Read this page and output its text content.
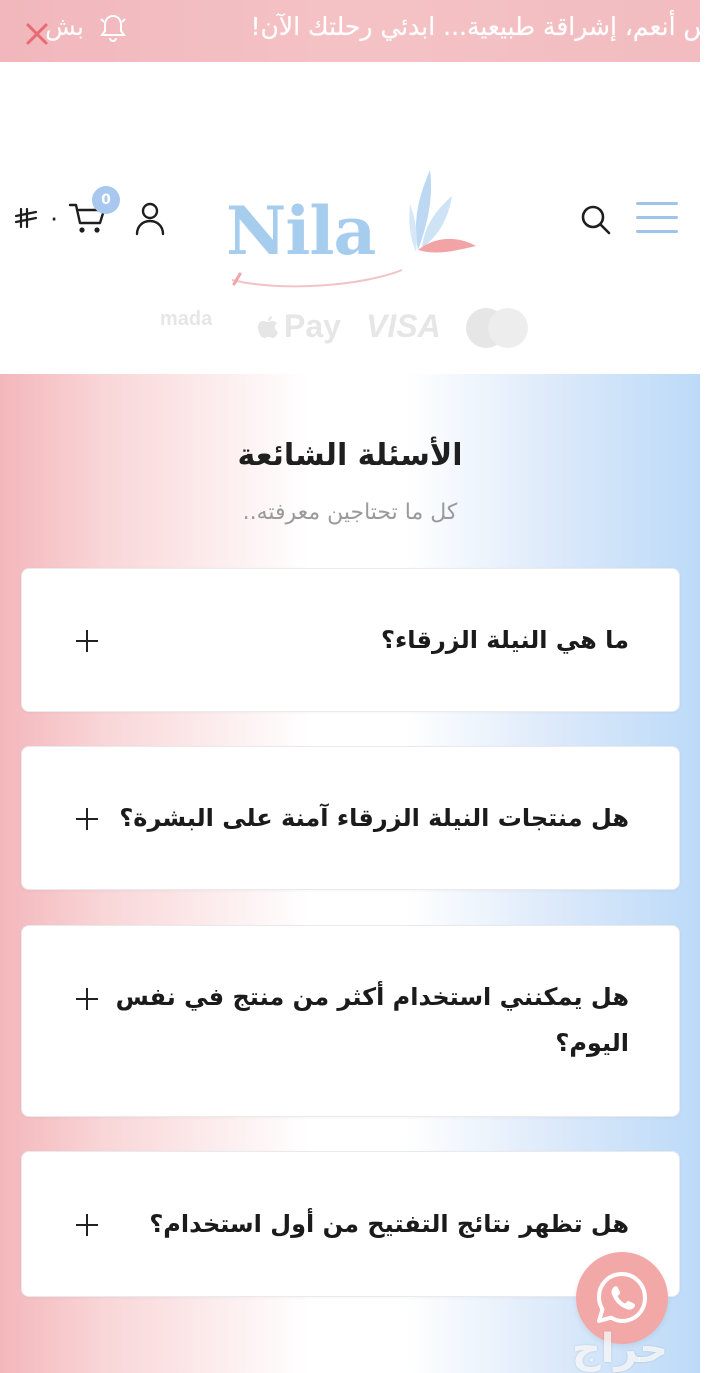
س أنعم، إشراقة طبيعية... ابدئي رحلتك الآن!
بش
Nila
0
٠
mada Pay VISA
الأسئلة الشائعة
كل ما تحتاجين معرفته..
ما هي النيلة الزرقاء؟
هل منتجات النيلة الزرقاء آمنة على البشرة؟
هل يمكنني استخدام أكثر من منتج في نفس اليوم؟
هل تظهر نتائج التفتيح من أول استخدام؟
حراج
